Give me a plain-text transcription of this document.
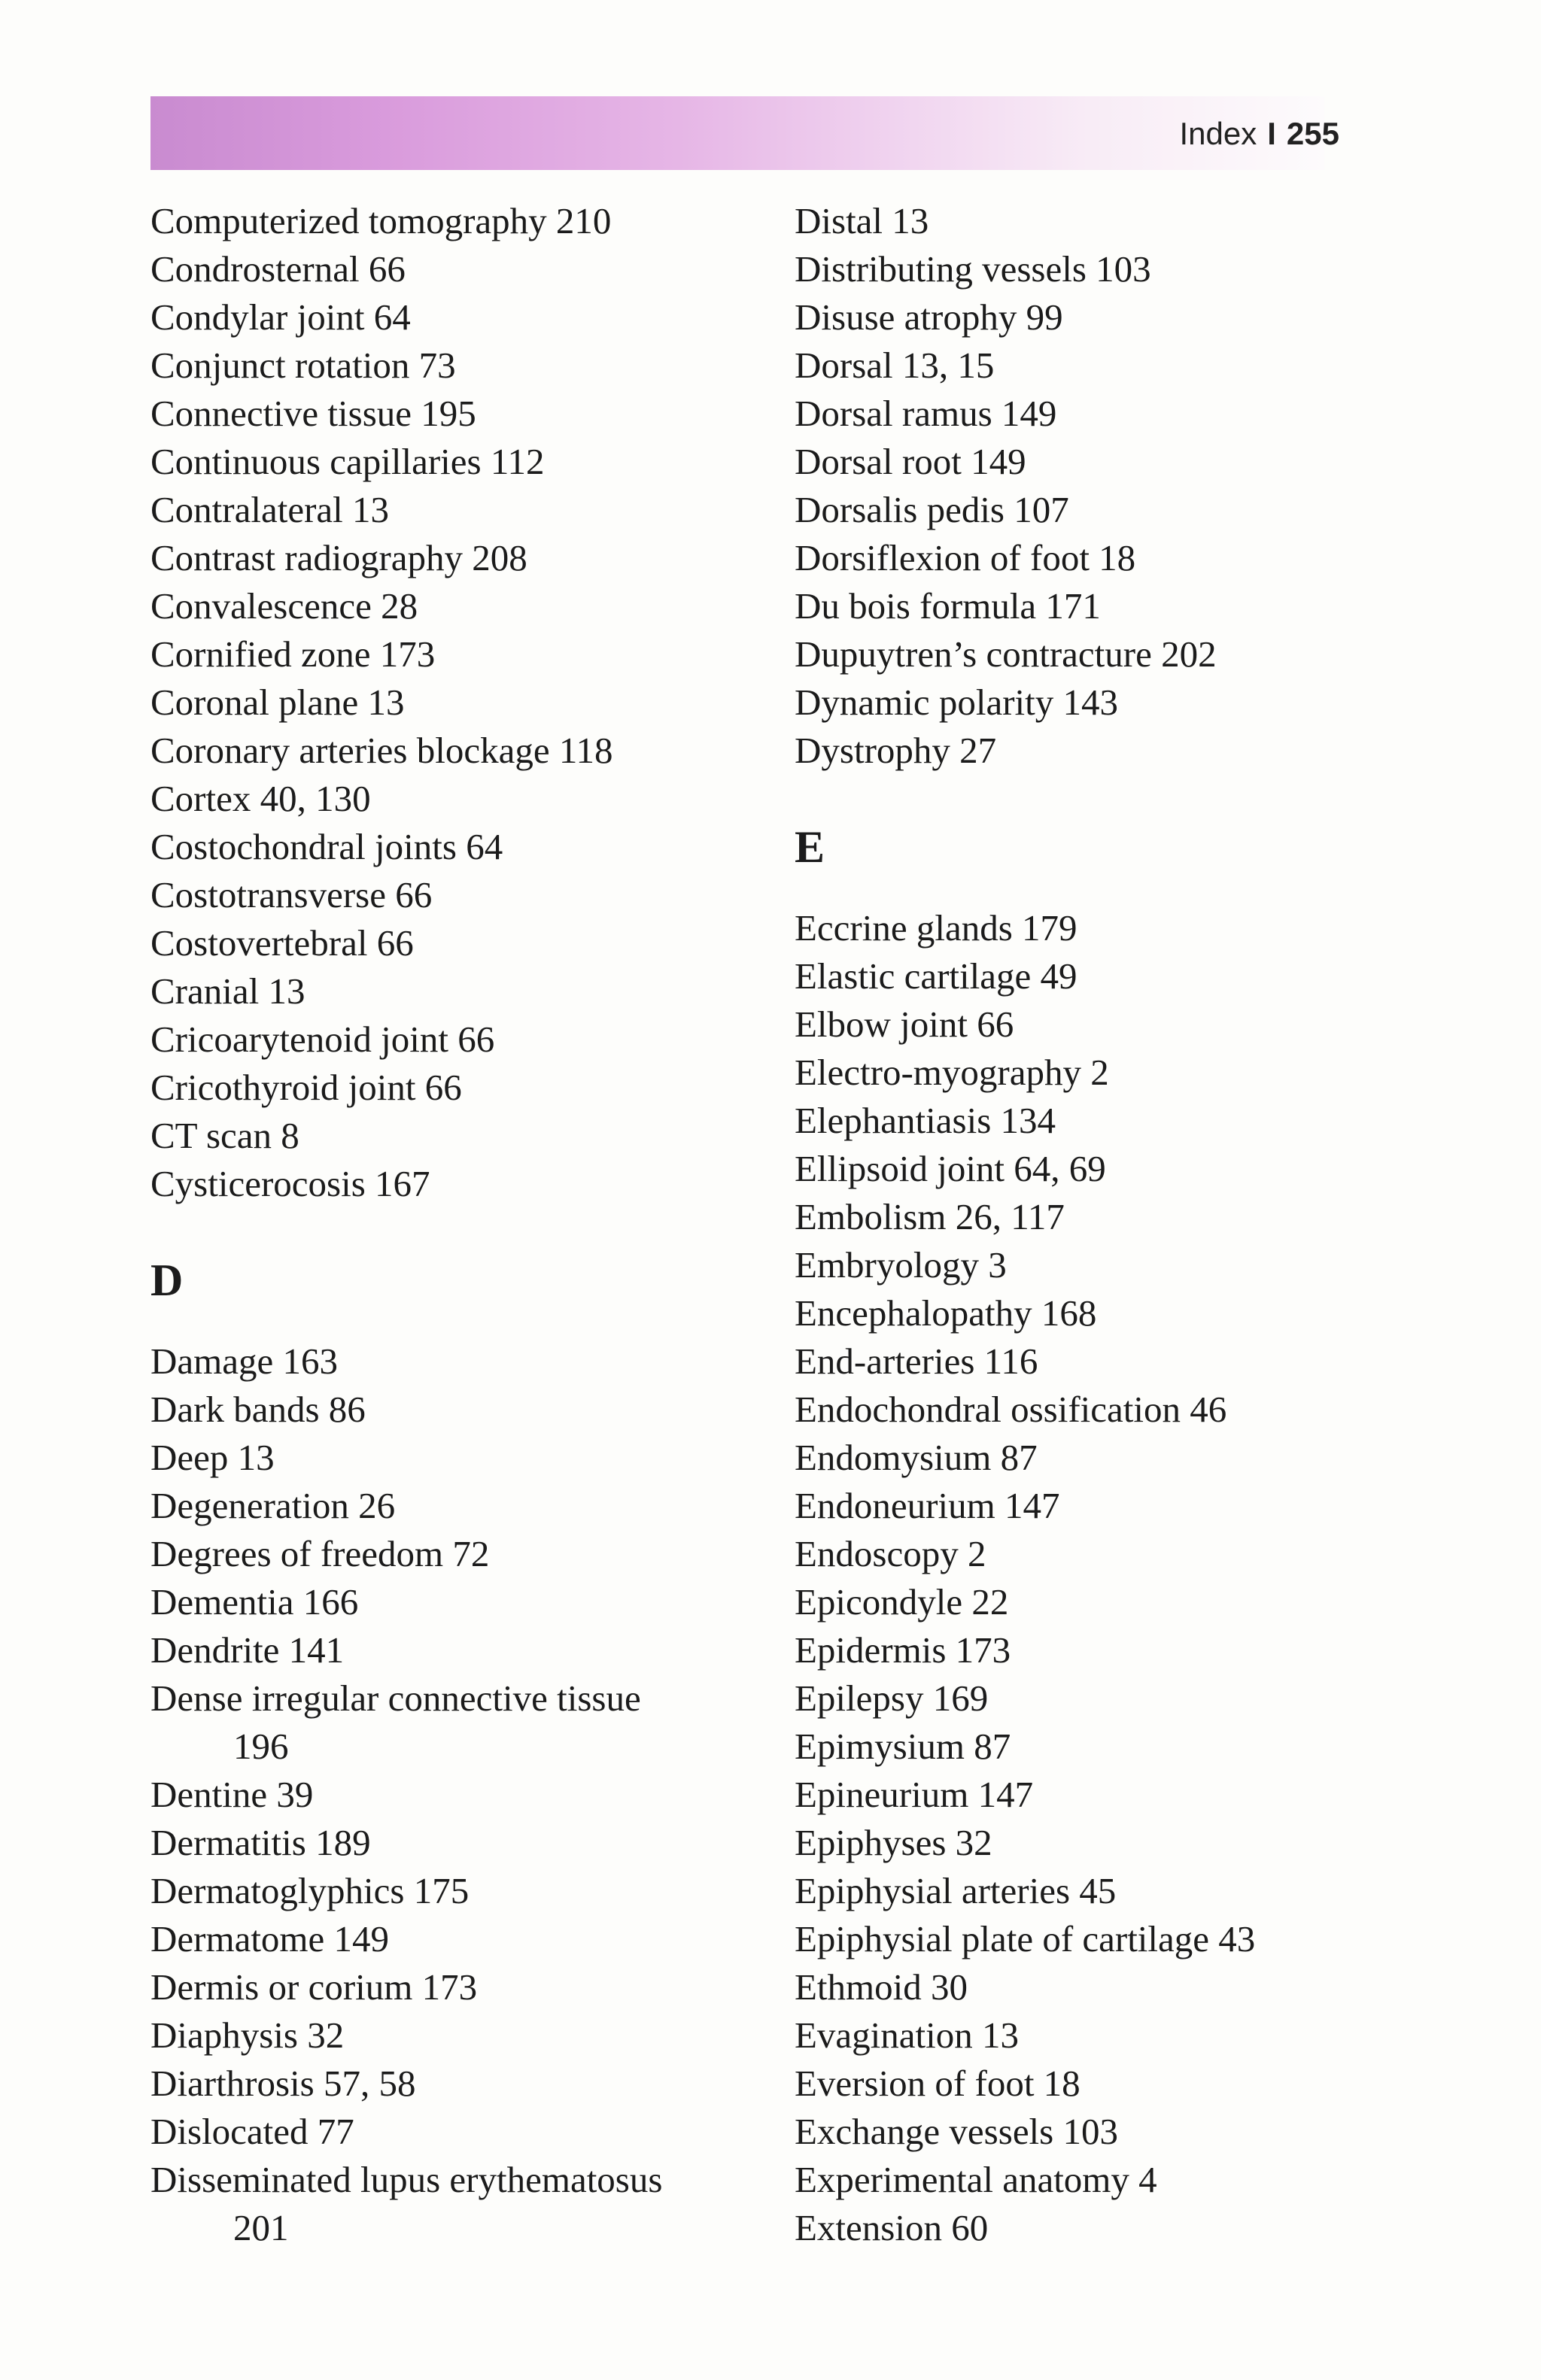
Index I 255
Computerized tomography 210
Condrosternal 66
Condylar joint 64
Conjunct rotation 73
Connective tissue 195
Continuous capillaries 112
Contralateral 13
Contrast radiography 208
Convalescence 28
Cornified zone 173
Coronal plane 13
Coronary arteries blockage 118
Cortex 40, 130
Costochondral joints 64
Costotransverse 66
Costovertebral 66
Cranial 13
Cricoarytenoid joint 66
Cricothyroid joint 66
CT scan 8
Cysticerocosis 167
D
Damage 163
Dark bands 86
Deep 13
Degeneration 26
Degrees of freedom 72
Dementia 166
Dendrite 141
Dense irregular connective tissue
196
Dentine 39
Dermatitis 189
Dermatoglyphics 175
Dermatome 149
Dermis or corium 173
Diaphysis 32
Diarthrosis 57, 58
Dislocated 77
Disseminated lupus erythematosus
201
Distal 13
Distributing vessels 103
Disuse atrophy 99
Dorsal 13, 15
Dorsal ramus 149
Dorsal root 149
Dorsalis pedis 107
Dorsiflexion of foot 18
Du bois formula 171
Dupuytren’s contracture 202
Dynamic polarity 143
Dystrophy 27
E
Eccrine glands 179
Elastic cartilage 49
Elbow joint 66
Electro-myography 2
Elephantiasis 134
Ellipsoid joint 64, 69
Embolism 26, 117
Embryology 3
Encephalopathy 168
End-arteries 116
Endochondral ossification 46
Endomysium 87
Endoneurium 147
Endoscopy 2
Epicondyle 22
Epidermis 173
Epilepsy 169
Epimysium 87
Epineurium 147
Epiphyses 32
Epiphysial arteries 45
Epiphysial plate of cartilage 43
Ethmoid 30
Evagination 13
Eversion of foot 18
Exchange vessels 103
Experimental anatomy 4
Extension 60
